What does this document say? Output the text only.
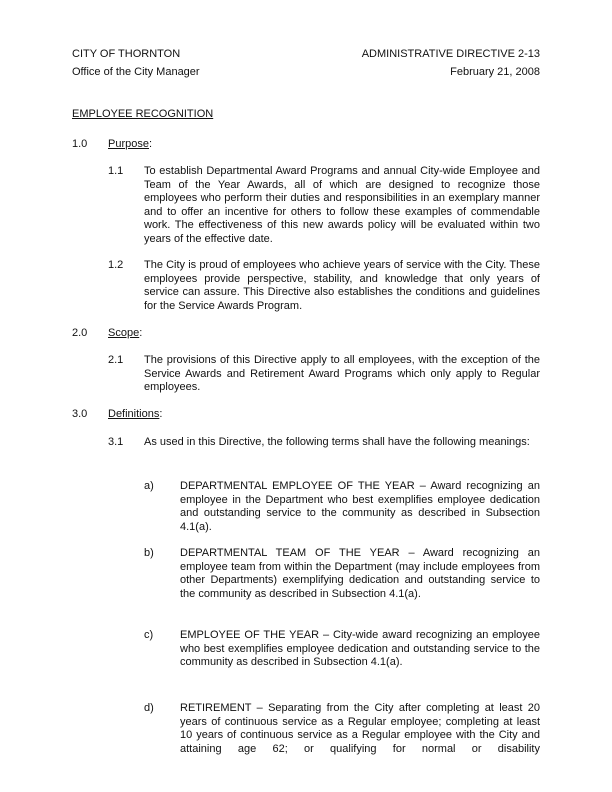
CITY OF THORNTON
Office of the City Manager
ADMINISTRATIVE DIRECTIVE 2-13
February 21, 2008
EMPLOYEE RECOGNITION
1.0 Purpose:
1.1 To establish Departmental Award Programs and annual City-wide Employee and Team of the Year Awards, all of which are designed to recognize those employees who perform their duties and responsibilities in an exemplary manner and to offer an incentive for others to follow these examples of commendable work. The effectiveness of this new awards policy will be evaluated within two years of the effective date.
1.2 The City is proud of employees who achieve years of service with the City. These employees provide perspective, stability, and knowledge that only years of service can assure. This Directive also establishes the conditions and guidelines for the Service Awards Program.
2.0 Scope:
2.1 The provisions of this Directive apply to all employees, with the exception of the Service Awards and Retirement Award Programs which only apply to Regular employees.
3.0 Definitions:
3.1 As used in this Directive, the following terms shall have the following meanings:
a) DEPARTMENTAL EMPLOYEE OF THE YEAR – Award recognizing an employee in the Department who best exemplifies employee dedication and outstanding service to the community as described in Subsection 4.1(a).
b) DEPARTMENTAL TEAM OF THE YEAR – Award recognizing an employee team from within the Department (may include employees from other Departments) exemplifying dedication and outstanding service to the community as described in Subsection 4.1(a).
c) EMPLOYEE OF THE YEAR – City-wide award recognizing an employee who best exemplifies employee dedication and outstanding service to the community as described in Subsection 4.1(a).
d) RETIREMENT – Separating from the City after completing at least 20 years of continuous service as a Regular employee; completing at least 10 years of continuous service as a Regular employee with the City and attaining age 62; or qualifying for normal or disability
